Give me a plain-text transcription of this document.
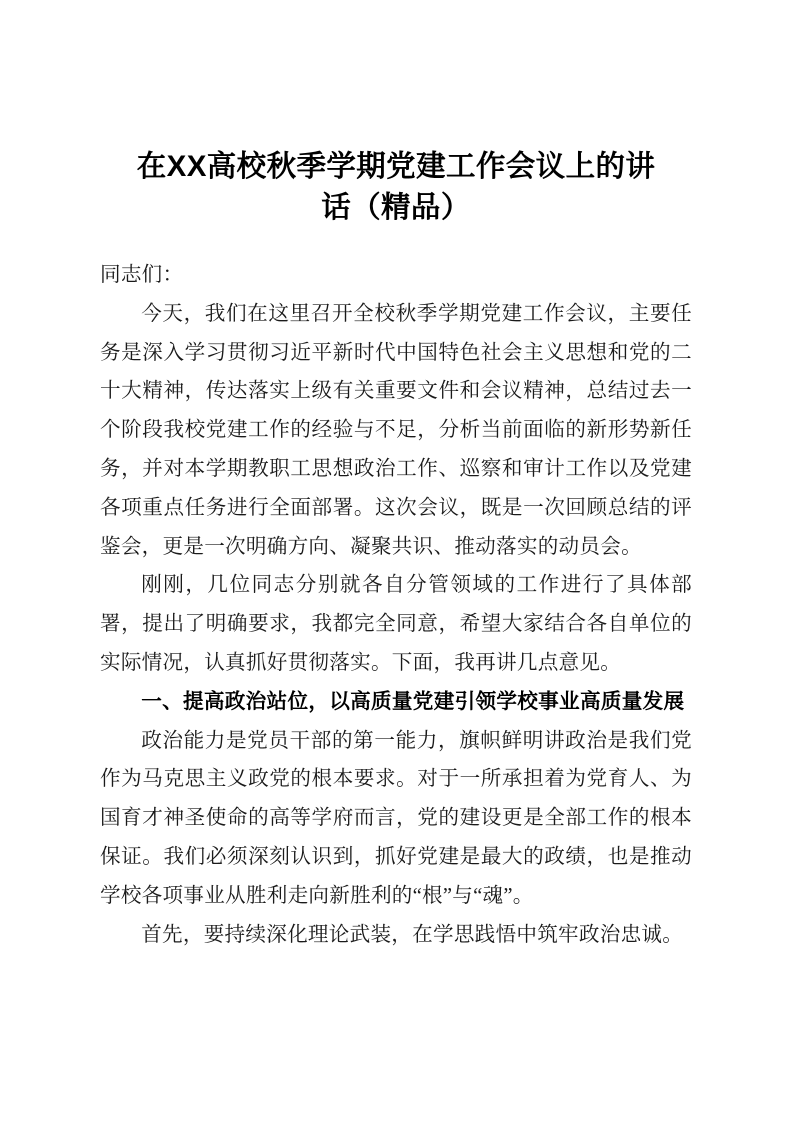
在XX高校秋季学期党建工作会议上的讲
话（精品）

同志们：

今天，我们在这里召开全校秋季学期党建工作会议，主要任务是深入学习贯彻习近平新时代中国特色社会主义思想和党的二十大精神，传达落实上级有关重要文件和会议精神，总结过去一个阶段我校党建工作的经验与不足，分析当前面临的新形势新任务，并对本学期教职工思想政治工作、巡察和审计工作以及党建各项重点任务进行全面部署。这次会议，既是一次回顾总结的评鉴会，更是一次明确方向、凝聚共识、推动落实的动员会。

刚刚，几位同志分别就各自分管领域的工作进行了具体部署，提出了明确要求，我都完全同意，希望大家结合各自单位的实际情况，认真抓好贯彻落实。下面，我再讲几点意见。

一、提高政治站位，以高质量党建引领学校事业高质量发展

政治能力是党员干部的第一能力，旗帜鲜明讲政治是我们党作为马克思主义政党的根本要求。对于一所承担着为党育人、为国育才神圣使命的高等学府而言，党的建设更是全部工作的根本保证。我们必须深刻认识到，抓好党建是最大的政绩，也是推动学校各项事业从胜利走向新胜利的“根”与“魂”。

首先，要持续深化理论武装，在学思践悟中筑牢政治忠诚。
